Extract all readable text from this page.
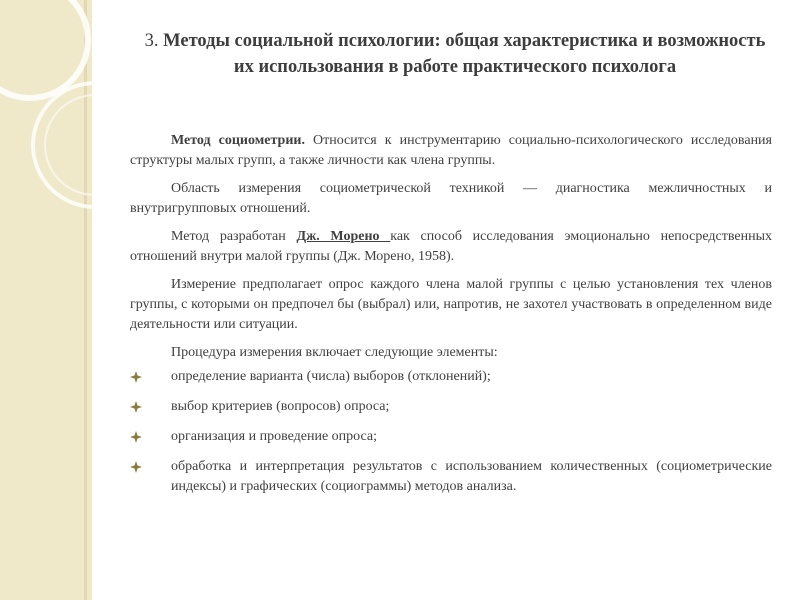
3. Методы социальной психологии: общая характеристика и возможность их использования в работе практического психолога

Метод социометрии. Относится к инструментарию социально-психологического исследования структуры малых групп, а также личности как члена группы.

Область измерения социометрической техникой — диагностика межличностных и внутригрупповых отношений.

Метод разработан Дж. Морено как способ исследования эмоционально непосредственных отношений внутри малой группы (Дж. Морено, 1958).

Измерение предполагает опрос каждого члена малой группы с целью установления тех членов группы, с которыми он предпочел бы (выбрал) или, напротив, не захотел участвовать в определенном виде деятельности или ситуации.

Процедура измерения включает следующие элементы:

определение варианта (числа) выборов (отклонений);
выбор критериев (вопросов) опроса;
организация и проведение опроса;
обработка и интерпретация результатов с использованием количественных (социометрические индексы) и графических (социограммы) методов анализа.
